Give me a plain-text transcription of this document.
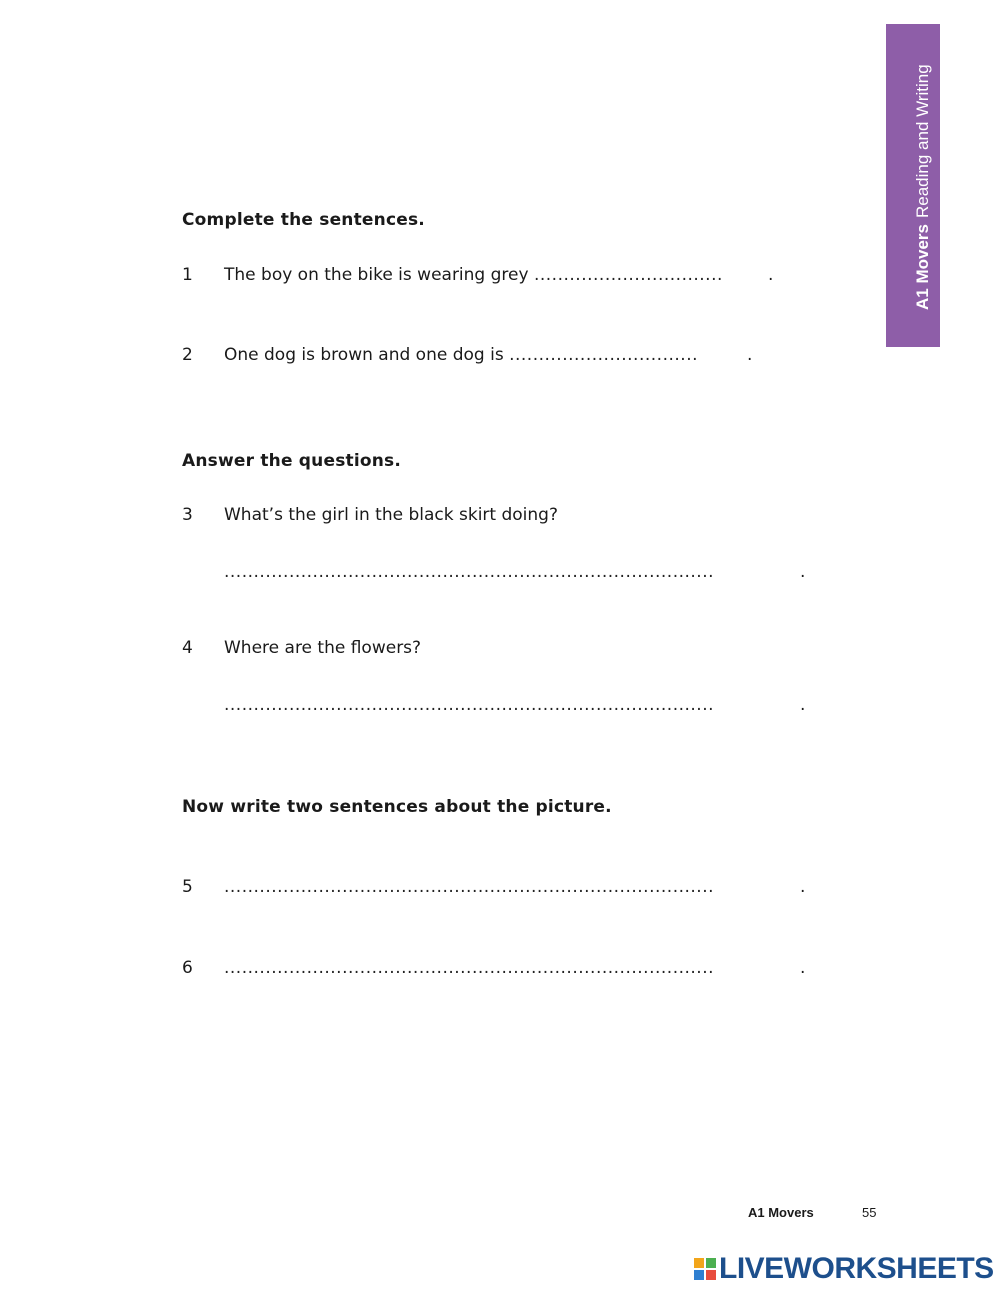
A1 MoversReading and Writing
Complete the sentences.
1 The boy on the bike is wearing grey ................................	.
2 One dog is brown and one dog is ................................	.
Answer the questions.
3 What’s the girl in the black skirt doing?
...................................................................................	.
4 Where are the flowers?
...................................................................................	.
Now write two sentences about the picture.
5 ...................................................................................	.
6 ...................................................................................	.
A1 Movers	55
LIVEWORKSHEETS
